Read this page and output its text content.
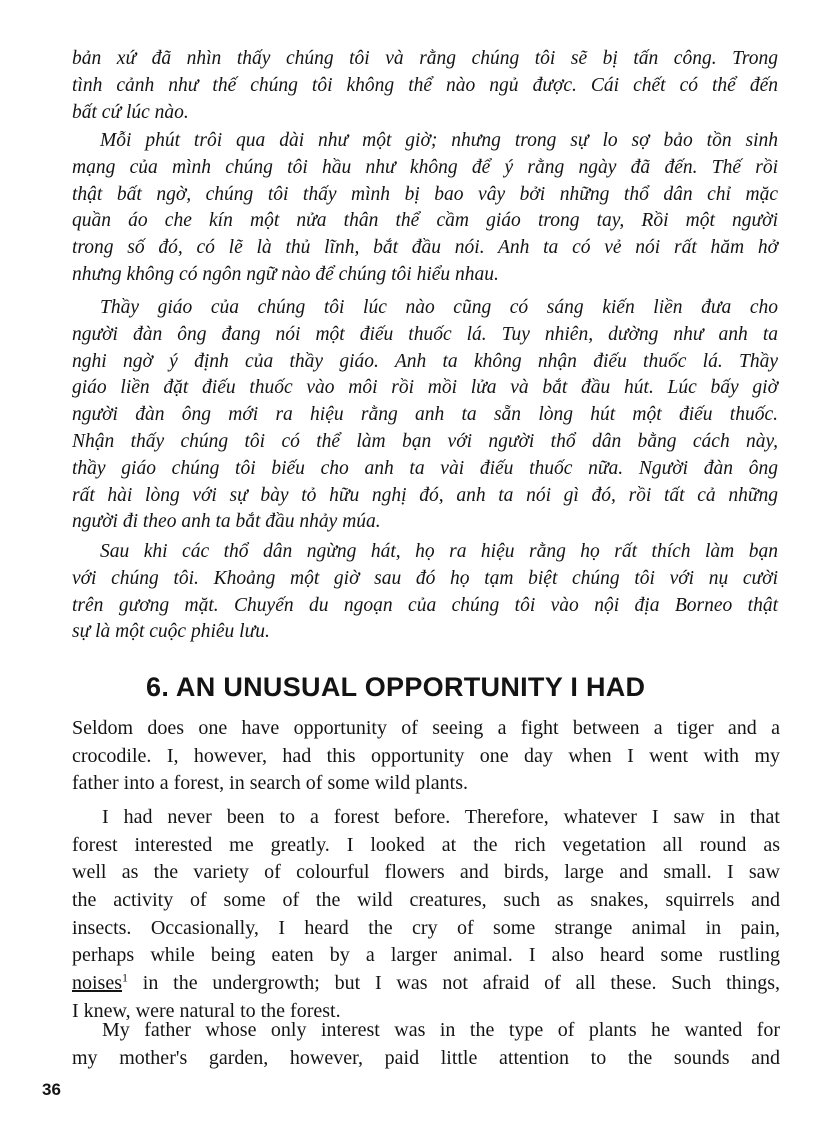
bản xứ đã nhìn thấy chúng tôi và rằng chúng tôi sẽ bị tấn công. Trong
tình cảnh như thế chúng tôi không thể nào ngủ được. Cái chết có thể đến
bất cứ lúc nào.

Mỗi phút trôi qua dài như một giờ; nhưng trong sự lo sợ bảo tồn sinh
mạng của mình chúng tôi hầu như không để ý rằng ngày đã đến. Thế rồi
thật bất ngờ, chúng tôi thấy mình bị bao vây bởi những thổ dân chỉ mặc
quần áo che kín một nửa thân thể cầm giáo trong tay, Rồi một người
trong số đó, có lẽ là thủ lĩnh, bắt đầu nói. Anh ta có vẻ nói rất hăm hở
nhưng không có ngôn ngữ nào để chúng tôi hiểu nhau.

Thầy giáo của chúng tôi lúc nào cũng có sáng kiến liền đưa cho
người đàn ông đang nói một điếu thuốc lá. Tuy nhiên, dường như anh ta
nghi ngờ ý định của thầy giáo. Anh ta không nhận điếu thuốc lá. Thầy
giáo liền đặt điếu thuốc vào môi rồi mồi lửa và bắt đầu hút. Lúc bấy giờ
người đàn ông mới ra hiệu rằng anh ta sẵn lòng hút một điếu thuốc.
Nhận thấy chúng tôi có thể làm bạn với người thổ dân bằng cách này,
thầy giáo chúng tôi biếu cho anh ta vài điếu thuốc nữa. Người đàn ông
rất hài lòng với sự bày tỏ hữu nghị đó, anh ta nói gì đó, rồi tất cả những
người đi theo anh ta bắt đầu nhảy múa.

Sau khi các thổ dân ngừng hát, họ ra hiệu rằng họ rất thích làm bạn
với chúng tôi. Khoảng một giờ sau đó họ tạm biệt chúng tôi với nụ cười
trên gương mặt. Chuyến du ngoạn của chúng tôi vào nội địa Borneo thật
sự là một cuộc phiêu lưu.

6. AN UNUSUAL OPPORTUNITY I HAD

Seldom does one have opportunity of seeing a fight between a tiger and a
crocodile. I, however, had this opportunity one day when I went with my
father into a forest, in search of some wild plants.

I had never been to a forest before. Therefore, whatever I saw in that
forest interested me greatly. I looked at the rich vegetation all round as
well as the variety of colourful flowers and birds, large and small. I saw
the activity of some of the wild creatures, such as snakes, squirrels and
insects. Occasionally, I heard the cry of some strange animal in pain,
perhaps while being eaten by a larger animal. I also heard some rustling
noises$^1$ in the undergrowth; but I was not afraid of all these. Such things,
I knew, were natural to the forest.

My father whose only interest was in the type of plants he wanted for
my mother's garden, however, paid little attention to the sounds and

36
